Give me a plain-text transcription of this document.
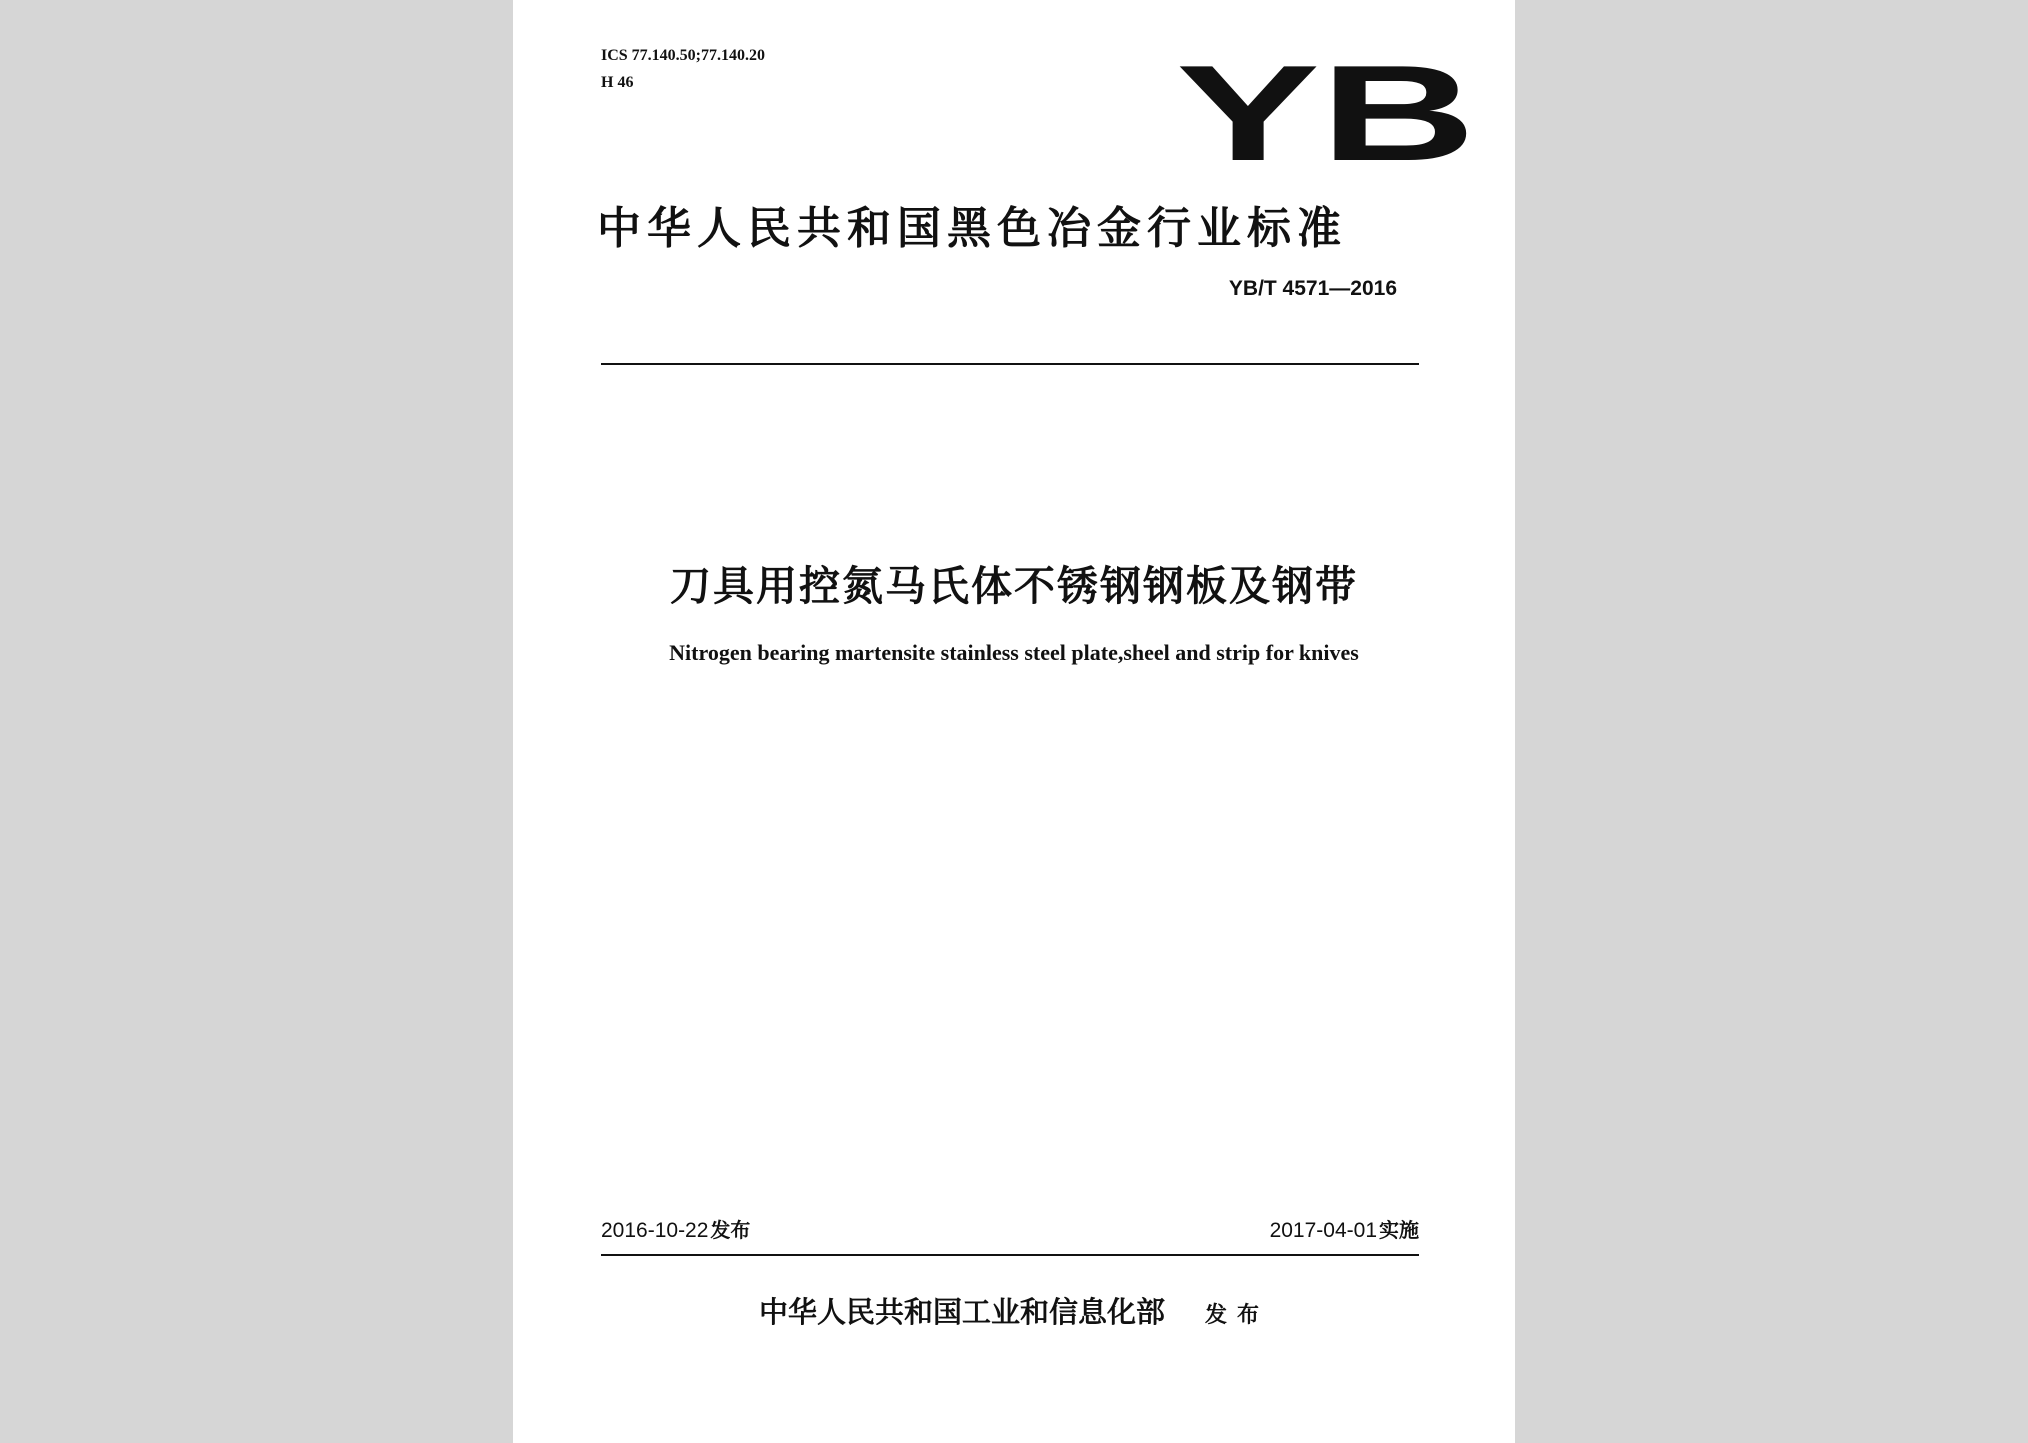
ICS 77.140.50;77.140.20
H 46	YB
中华人民共和国黑色冶金行业标准
YB/T 4571—2016
刀具用控氮马氏体不锈钢钢板及钢带
Nitrogen bearing martensite stainless steel plate,sheel and strip for knives
2016-10-22 发布	2017-04-01 实施
中华人民共和国工业和信息化部 发布
